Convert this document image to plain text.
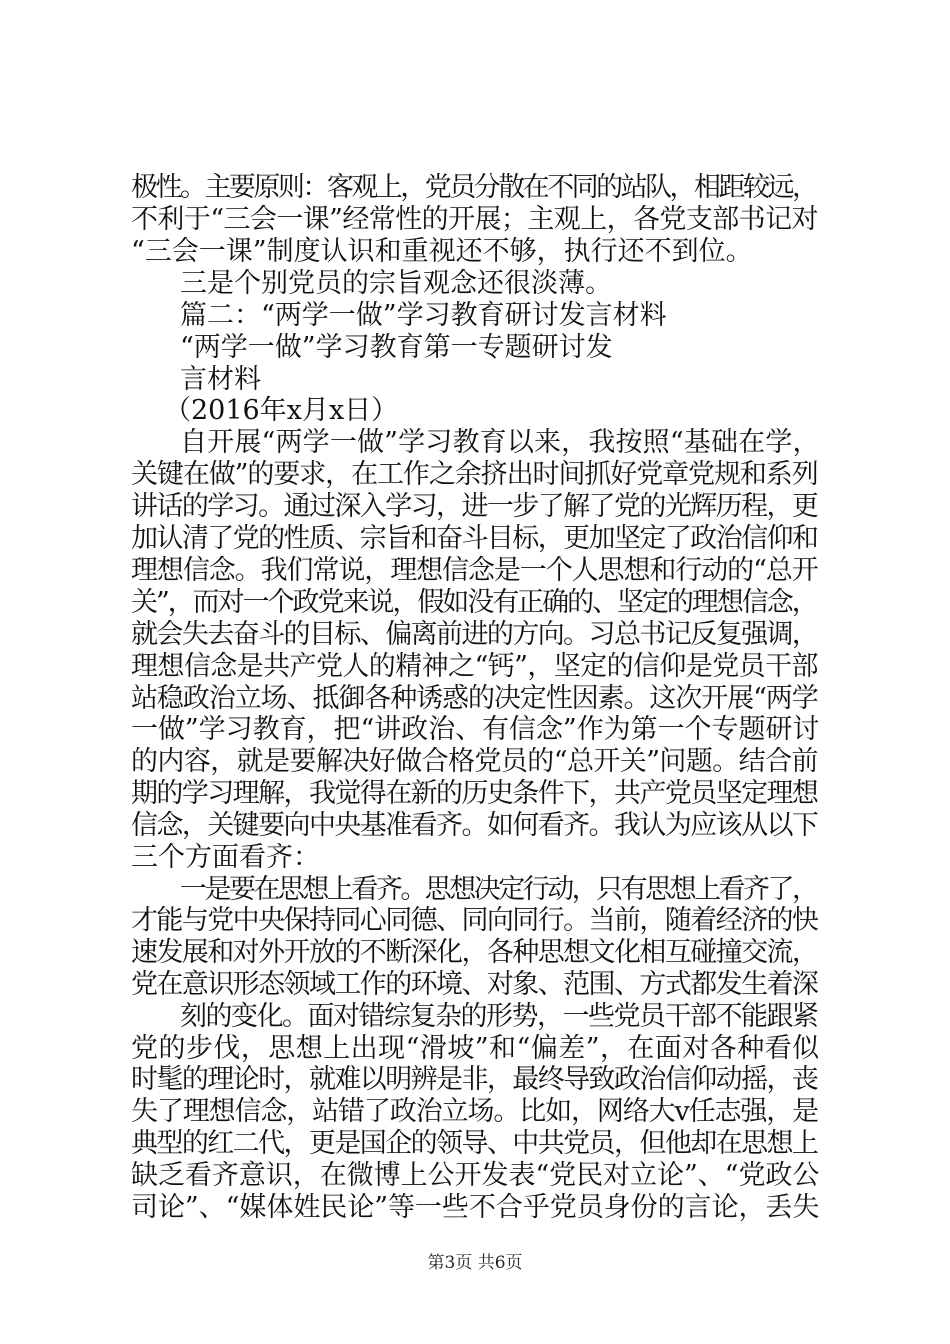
极性。主要原则：客观上，党员分散在不同的站队，相距较远，
不利于“三会一课”经常性的开展；主观上，各党支部书记对
“三会一课”制度认识和重视还不够，执行还不到位。
三是个别党员的宗旨观念还很淡薄。
篇二：“两学一做”学习教育研讨发言材料
“两学一做”学习教育第一专题研讨发
言材料
（2016年x月x日）
自开展“两学一做”学习教育以来，我按照“基础在学，
关键在做”的要求，在工作之余挤出时间抓好党章党规和系列
讲话的学习。通过深入学习，进一步了解了党的光辉历程，更
加认清了党的性质、宗旨和奋斗目标，更加坚定了政治信仰和
理想信念。我们常说，理想信念是一个人思想和行动的“总开
关”，而对一个政党来说，假如没有正确的、坚定的理想信念，
就会失去奋斗的目标、偏离前进的方向。习总书记反复强调，
理想信念是共产党人的精神之“钙”，坚定的信仰是党员干部
站稳政治立场、抵御各种诱惑的决定性因素。这次开展“两学
一做”学习教育，把“讲政治、有信念”作为第一个专题研讨
的内容，就是要解决好做合格党员的“总开关”问题。结合前
期的学习理解，我觉得在新的历史条件下，共产党员坚定理想
信念，关键要向中央基准看齐。如何看齐。我认为应该从以下
三个方面看齐：
一是要在思想上看齐。思想决定行动，只有思想上看齐了，
才能与党中央保持同心同德、同向同行。当前，随着经济的快
速发展和对外开放的不断深化，各种思想文化相互碰撞交流，
党在意识形态领域工作的环境、对象、范围、方式都发生着深
刻的变化。面对错综复杂的形势，一些党员干部不能跟紧
党的步伐，思想上出现“滑坡”和“偏差”，在面对各种看似
时髦的理论时，就难以明辨是非，最终导致政治信仰动摇，丧
失了理想信念，站错了政治立场。比如，网络大v任志强，是
典型的红二代，更是国企的领导、中共党员，但他却在思想上
缺乏看齐意识，在微博上公开发表“党民对立论”、“党政公
司论”、“媒体姓民论”等一些不合乎党员身份的言论，丢失
第3页 共6页
